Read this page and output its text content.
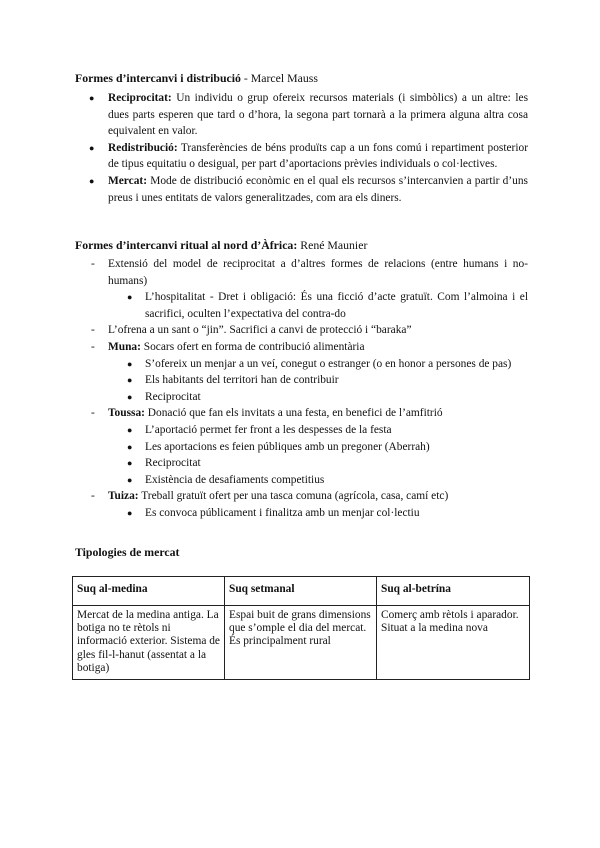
Formes d’intercanvi i distribució - Marcel Mauss
● Reciprocitat: Un individu o grup ofereix recursos materials (i simbòlics) a un altre: les dues parts esperen que tard o d’hora, la segona part tornarà a la primera alguna altra cosa equivalent en valor.
● Redistribució: Transferències de béns produïts cap a un fons comú i repartiment posterior de tipus equitatiu o desigual, per part d’aportacions prèvies individuals o col·lectives.
● Mercat: Mode de distribució econòmic en el qual els recursos s’intercanvien a partir d’uns preus i unes entitats de valors generalitzades, com ara els diners.
Formes d’intercanvi ritual al nord d’Àfrica: René Maunier
- Extensió del model de reciprocitat a d’altres formes de relacions (entre humans i no-humans)
● L’hospitalitat - Dret i obligació: És una ficció d’acte gratuït. Com l’almoina i el sacrifici, oculten l’expectativa del contra-do
- L’ofrena a un sant o “jin”. Sacrifici a canvi de protecció i “baraka”
- Muna: Socars ofert en forma de contribució alimentària
● S’ofereix un menjar a un veí, conegut o estranger (o en honor a persones de pas)
● Els habitants del territori han de contribuir
● Reciprocitat
- Toussa: Donació que fan els invitats a una festa, en benefici de l’amfitrió
● L’aportació permet fer front a les despesses de la festa
● Les aportacions es feien públiques amb un pregoner (Aberrah)
● Reciprocitat
● Existència de desafiaments competitius
- Tuiza: Treball gratuït ofert per una tasca comuna (agrícola, casa, camí etc)
● Es convoca públicament i finalitza amb un menjar col·lectiu
Tipologies de mercat
Suq al-medina	Suq setmanal	Suq al-betrína
Mercat de la medina antiga. La botiga no te rètols ni informació exterior. Sistema de gles fil-l-hanut (assentat a la botiga)	Espai buit de grans dimensions que s’omple el dia del mercat. És principalment rural	Comerç amb rètols i aparador. Situat a la medina nova
